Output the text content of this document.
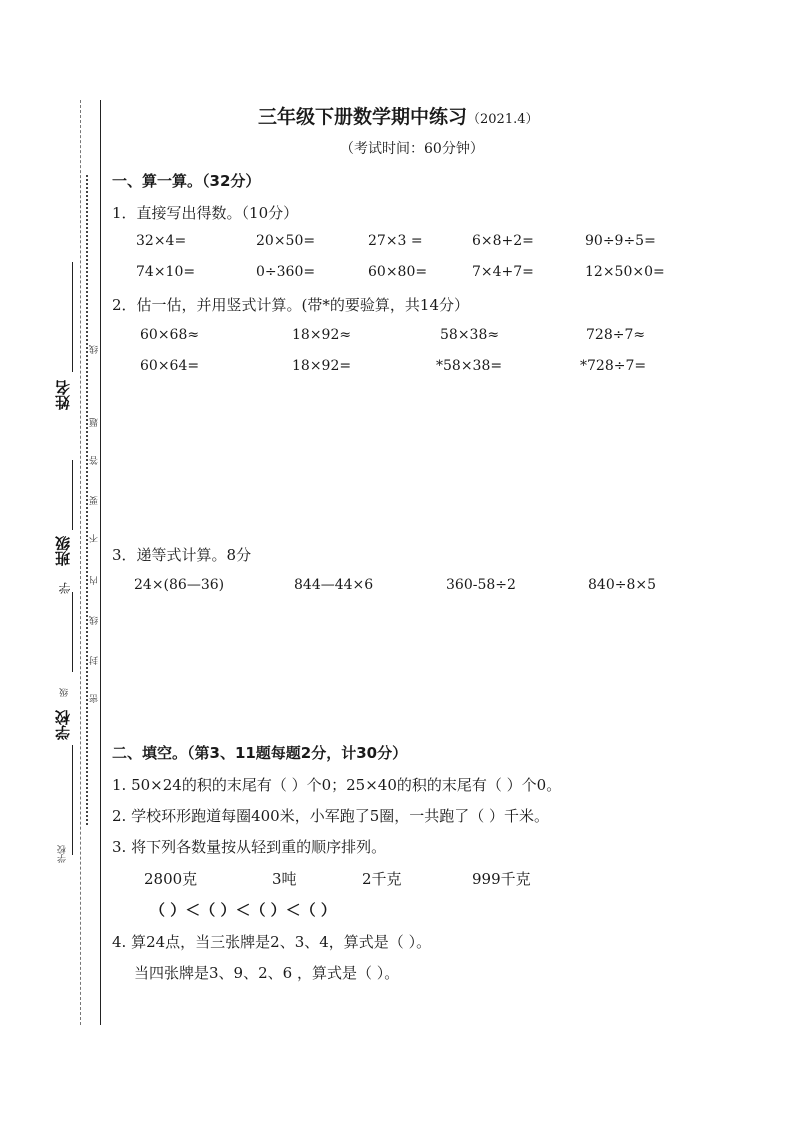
姓名
班级
学
级
学校
学校
线
题
答
要
不
内
线
封
密
三年级下册数学期中练习（2021.4）
（考试时间：60分钟）
一、算一算。（32分）
1．直接写出得数。（10分）
32×4=	20×50=	27×3 =	6×8+2=	90÷9÷5=
74×10=	0÷360=	60×80=	7×4+7=	12×50×0=
2．估一估，并用竖式计算。(带*的要验算，共14分）
60×68≈	18×92≈	58×38≈	728÷7≈
60×64=	18×92=	*58×38=	*728÷7=
3．递等式计算。8分
24×(86—36)	844—44×6	360-58÷2	840÷8×5
二、填空。（第3、11题每题2分，计30分）
1. 50×24的积的末尾有（ ）个0；25×40的积的末尾有（ ）个0。
2. 学校环形跑道每圈400米，小军跑了5圈，一共跑了（ ）千米。
3. 将下列各数量按从轻到重的顺序排列。
2800克	3吨	2千克	999千克
（ ）＜（ ）＜（ ）＜（ ）
4. 算24点，当三张牌是2、3、4，算式是（ ）。
当四张牌是3、9、2、6 ，算式是（ ）。
